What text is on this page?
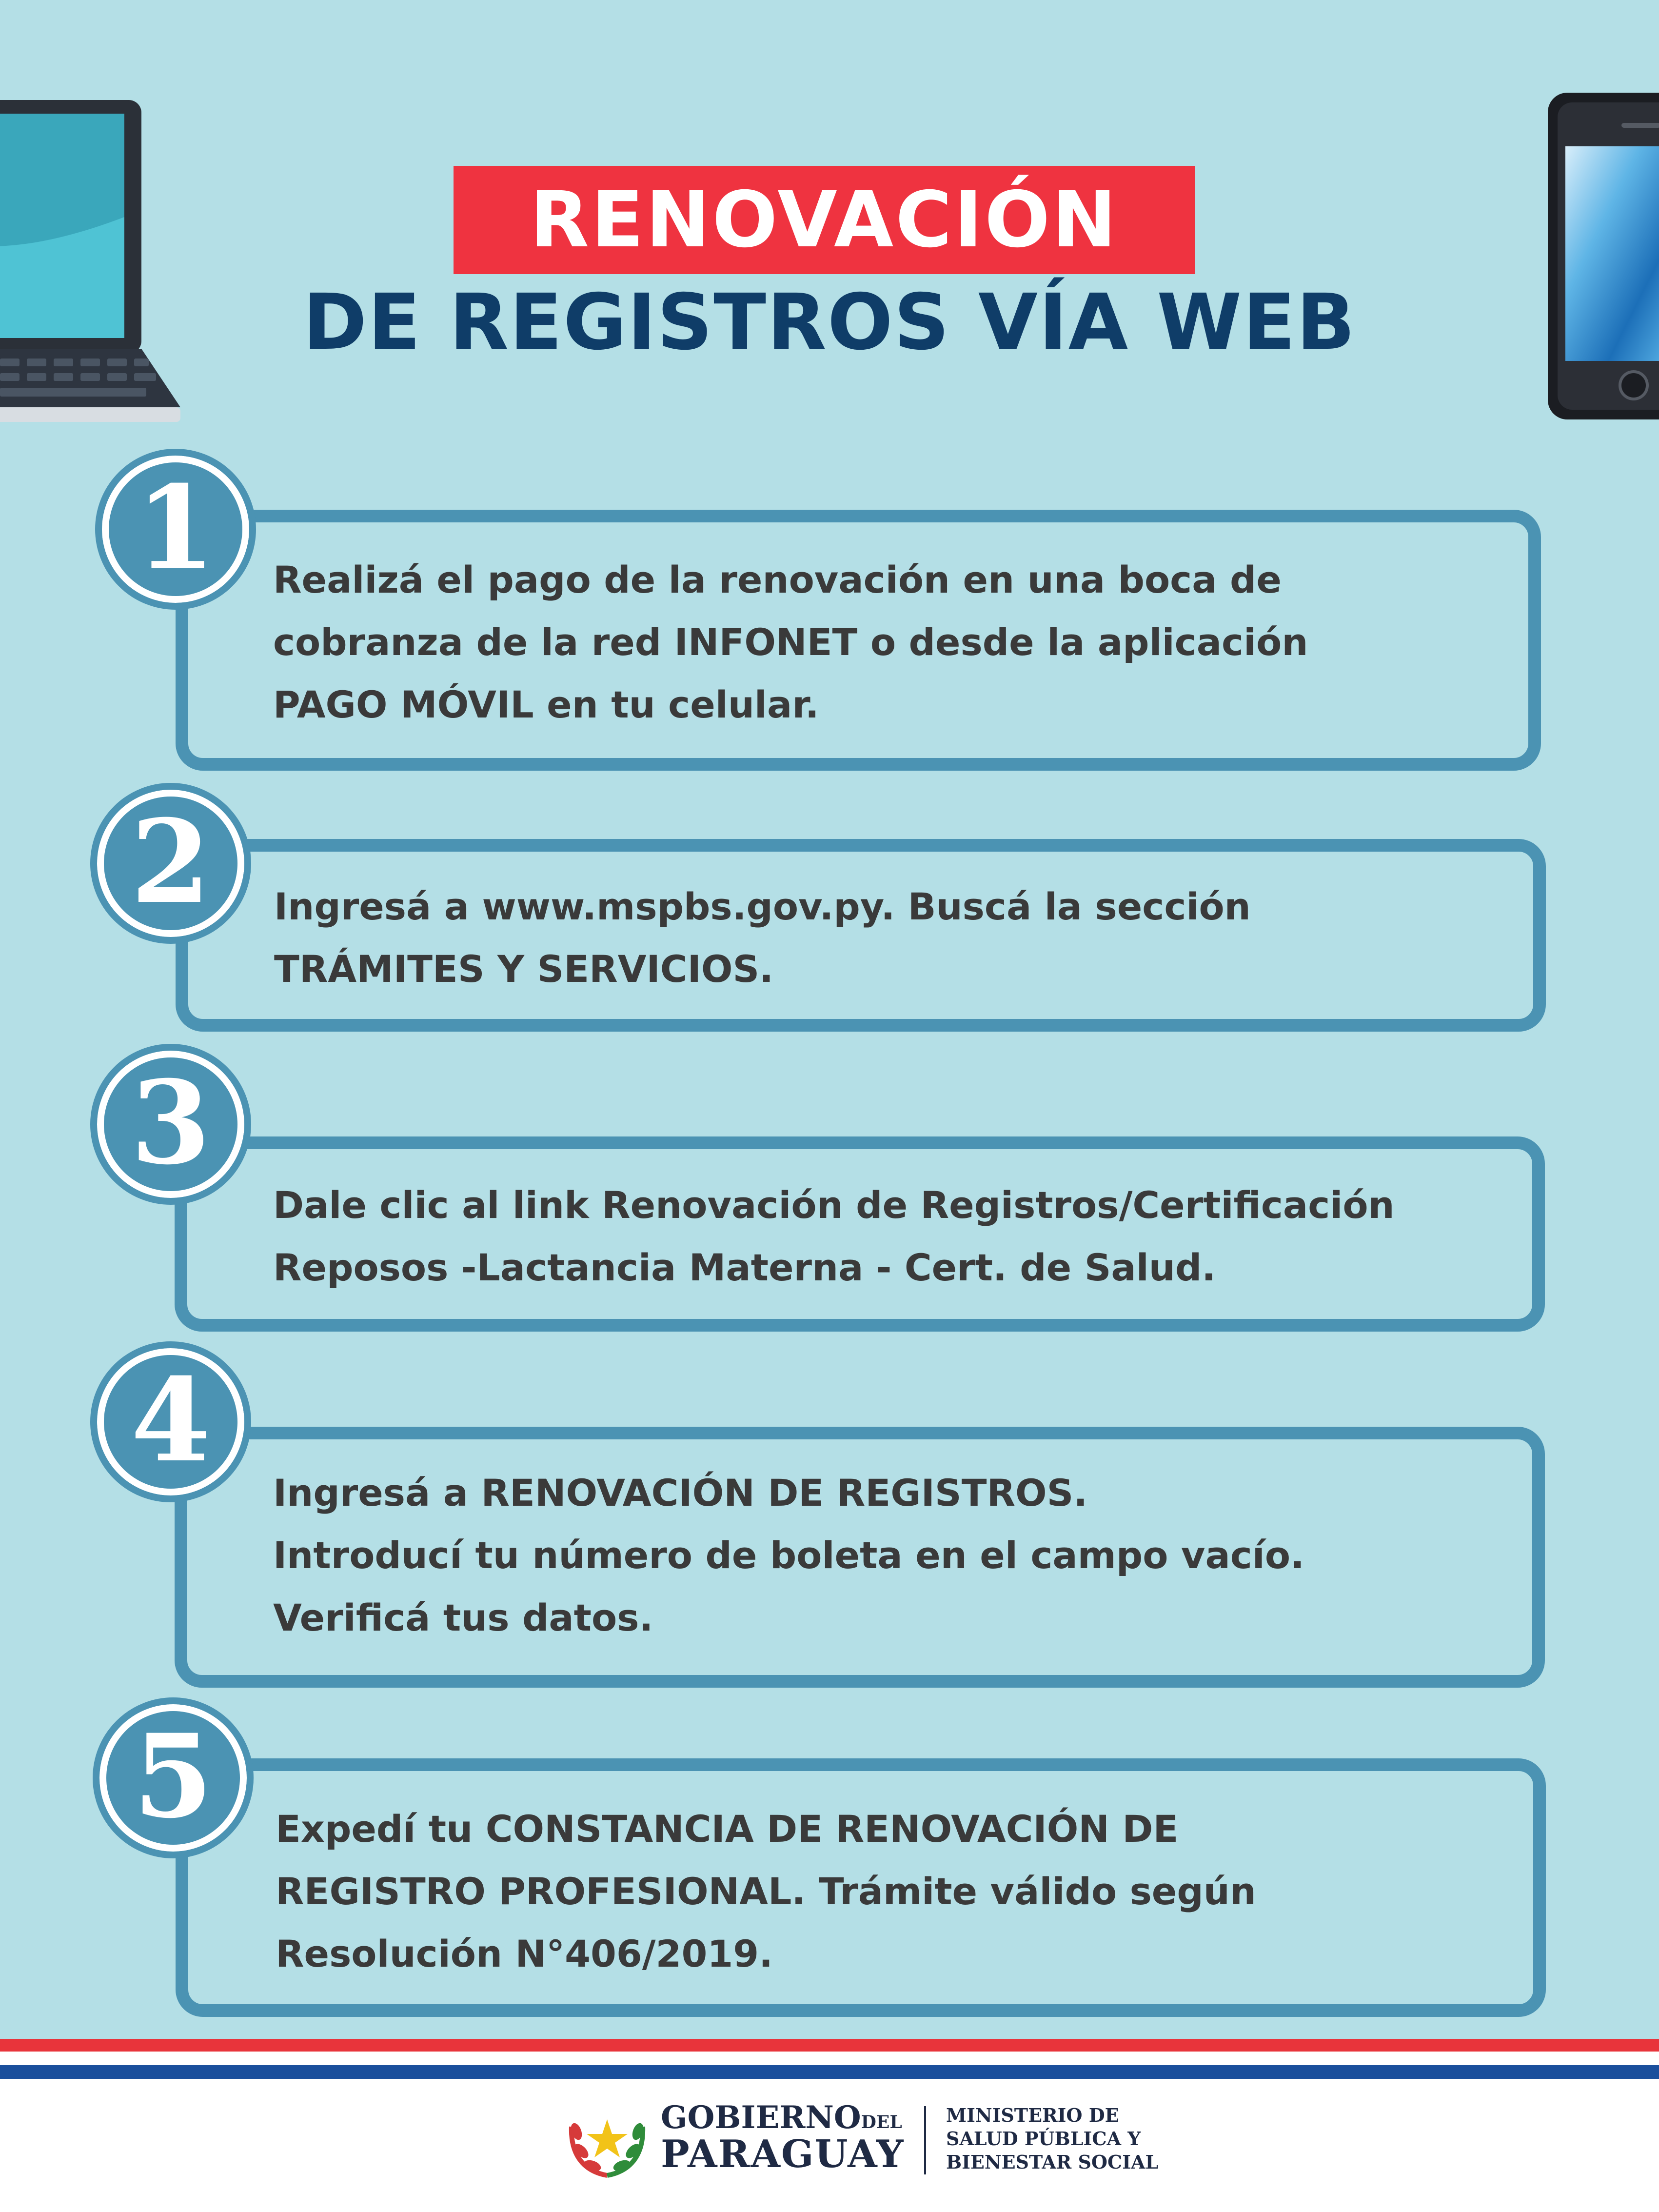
RENOVACIÓN
DE REGISTROS VÍA WEB
Realizá el pago de la renovación en una boca de
cobranza de la red INFONET o desde la aplicación
PAGO MÓVIL en tu celular.
1
Ingresá a www.mspbs.gov.py. Buscá la sección
TRÁMITES Y SERVICIOS.
2
Dale clic al link Renovación de Registros/Certificación
Reposos -Lactancia Materna - Cert. de Salud.
3
Ingresá a RENOVACIÓN DE REGISTROS.
Introducí tu número de boleta en el campo vacío.
Verificá tus datos.
4
Expedí tu CONSTANCIA DE RENOVACIÓN DE
REGISTRO PROFESIONAL. Trámite válido según
Resolución N°406/2019.
5
GOBIERNODEL
PARAGUAY
MINISTERIO DE
SALUD PÚBLICA Y
BIENESTAR SOCIAL
